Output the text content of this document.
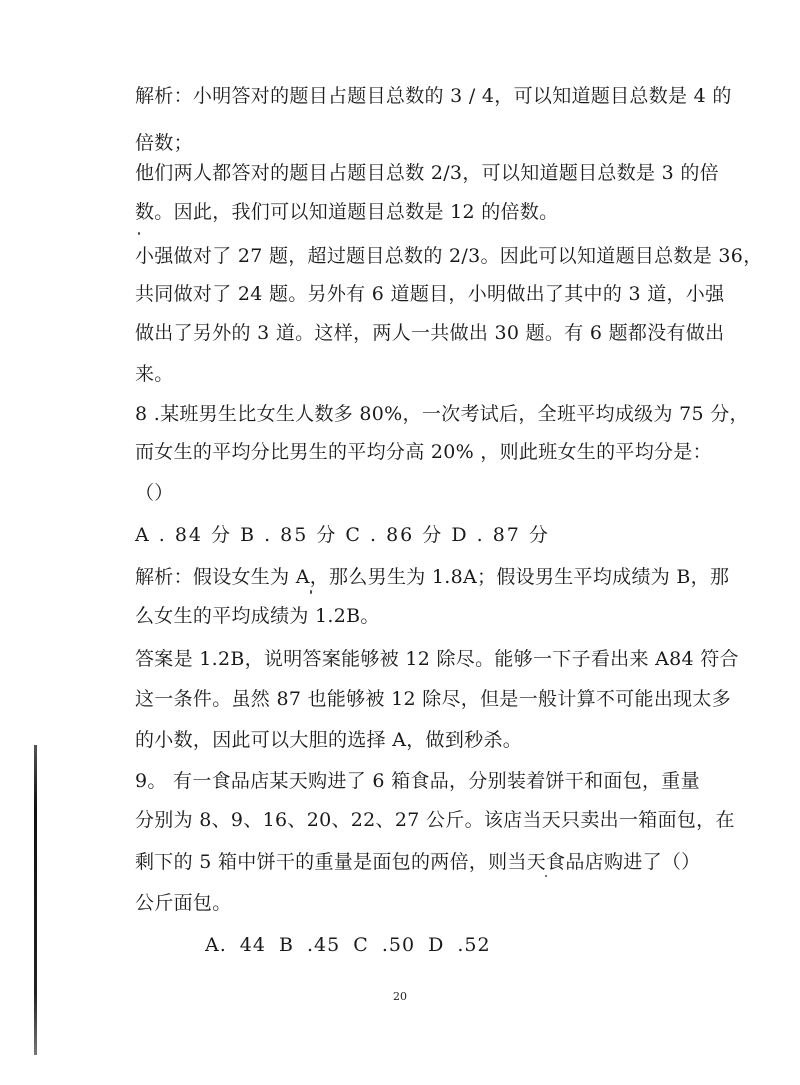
解析：小明答对的题目占题目总数的 3 / 4，可以知道题目总数是 4 的
倍数；
他们两人都答对的题目占题目总数 2/3，可以知道题目总数是 3 的倍
数。因此，我们可以知道题目总数是 12 的倍数。
小强做对了 27 题，超过题目总数的 2/3。因此可以知道题目总数是 36，
共同做对了 24 题。另外有 6 道题目，小明做出了其中的 3 道，小强
做出了另外的 3 道。这样，两人一共做出 30 题。有 6 题都没有做出
来。
8 .某班男生比女生人数多 80%，一次考试后，全班平均成级为 75 分，
而女生的平均分比男生的平均分高 20% ，则此班女生的平均分是：
（）
A . 84 分 B . 85 分 C . 86 分 D . 87 分
解析：假设女生为 A，那么男生为 1.8A；假设男生平均成绩为 B，那
么女生的平均成绩为 1.2B。
答案是 1.2B，说明答案能够被 12 除尽。能够一下子看出来 A84 符合
这一条件。虽然 87 也能够被 12 除尽，但是一般计算不可能出现太多
的小数，因此可以大胆的选择 A，做到秒杀。
9。 有一食品店某天购进了 6 箱食品，分别装着饼干和面包，重量
分别为 8、9、16、20、22、27 公斤。该店当天只卖出一箱面包，在
剩下的 5 箱中饼干的重量是面包的两倍，则当天食品店购进了（）
公斤面包。
A. 44 B .45 C .50 D .52
20
